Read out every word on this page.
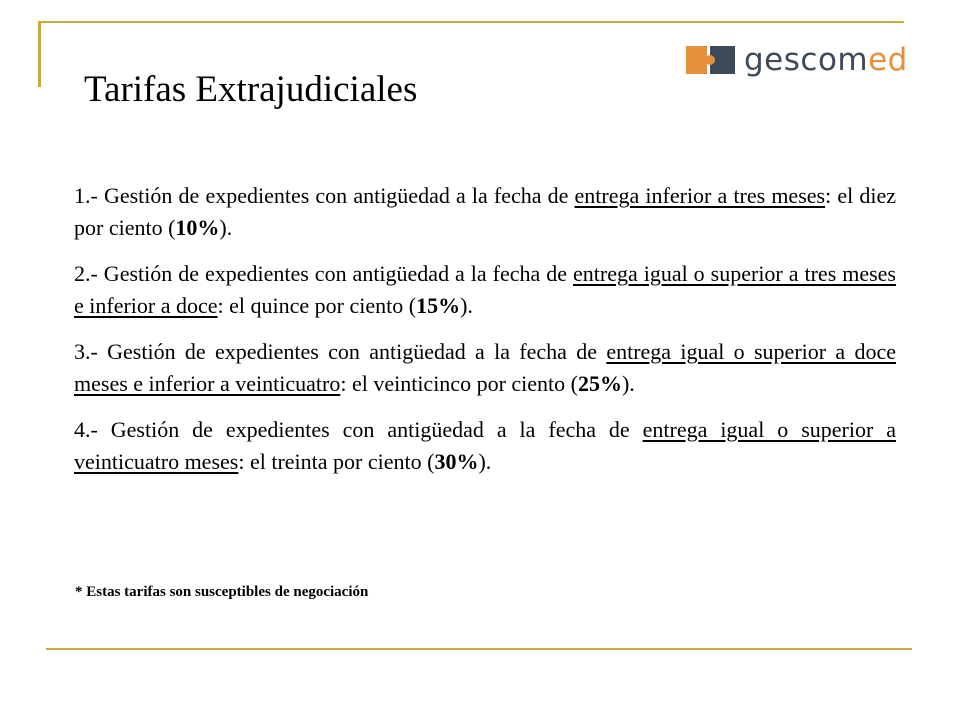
gescomed
Tarifas Extrajudiciales

1.- Gestión de expedientes con antigüedad a la fecha de entrega inferior a tres meses: el diez por ciento (10%).

2.- Gestión de expedientes con antigüedad a la fecha de entrega igual o superior a tres meses e inferior a doce: el quince por ciento (15%).

3.- Gestión de expedientes con antigüedad a la fecha de entrega igual o superior a doce meses e inferior a veinticuatro: el veinticinco por ciento (25%).

4.- Gestión de expedientes con antigüedad a la fecha de entrega igual o superior a veinticuatro meses: el treinta por ciento (30%).

* Estas tarifas son susceptibles de negociación
